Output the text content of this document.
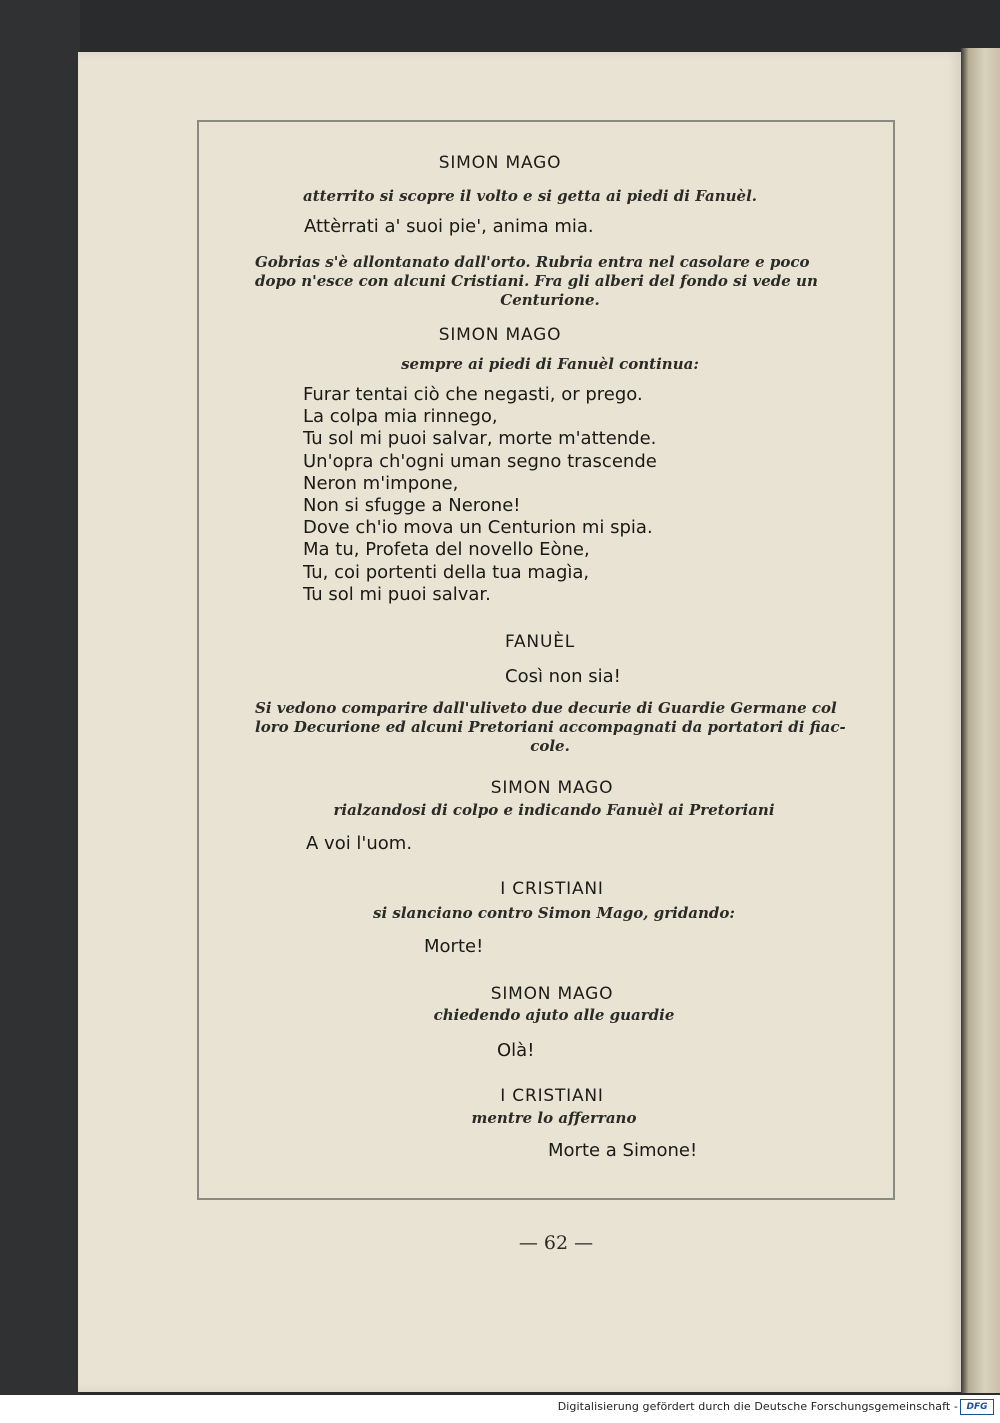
SIMON MAGO
atterrito si scopre il volto e si getta ai piedi di Fanuèl.
Attèrrati a' suoi pie', anima mia.
Gobrias s'è allontanato dall'orto. Rubria entra nel casolare e poco
dopo n'esce con alcuni Cristiani. Fra gli alberi del fondo si vede un
Centurione.
SIMON MAGO
sempre ai piedi di Fanuèl continua:
Furar tentai ciò che negasti, or prego.
La colpa mia rinnego,
Tu sol mi puoi salvar, morte m'attende.
Un'opra ch'ogni uman segno trascende
Neron m'impone,
Non si sfugge a Nerone!
Dove ch'io mova un Centurion mi spia.
Ma tu, Profeta del novello Eòne,
Tu, coi portenti della tua magìa,
Tu sol mi puoi salvar.
FANUÈL
Così non sia!
Si vedono comparire dall'uliveto due decurie di Guardie Germane col
loro Decurione ed alcuni Pretoriani accompagnati da portatori di fiac-
cole.
SIMON MAGO
rialzandosi di colpo e indicando Fanuèl ai Pretoriani
A voi l'uom.
I CRISTIANI
si slanciano contro Simon Mago, gridando:
Morte!
SIMON MAGO
chiedendo ajuto alle guardie
Olà!
I CRISTIANI
mentre lo afferrano
Morte a Simone!
— 62 —
Digitalisierung gefördert durch die Deutsche Forschungsgemeinschaft - DFG
